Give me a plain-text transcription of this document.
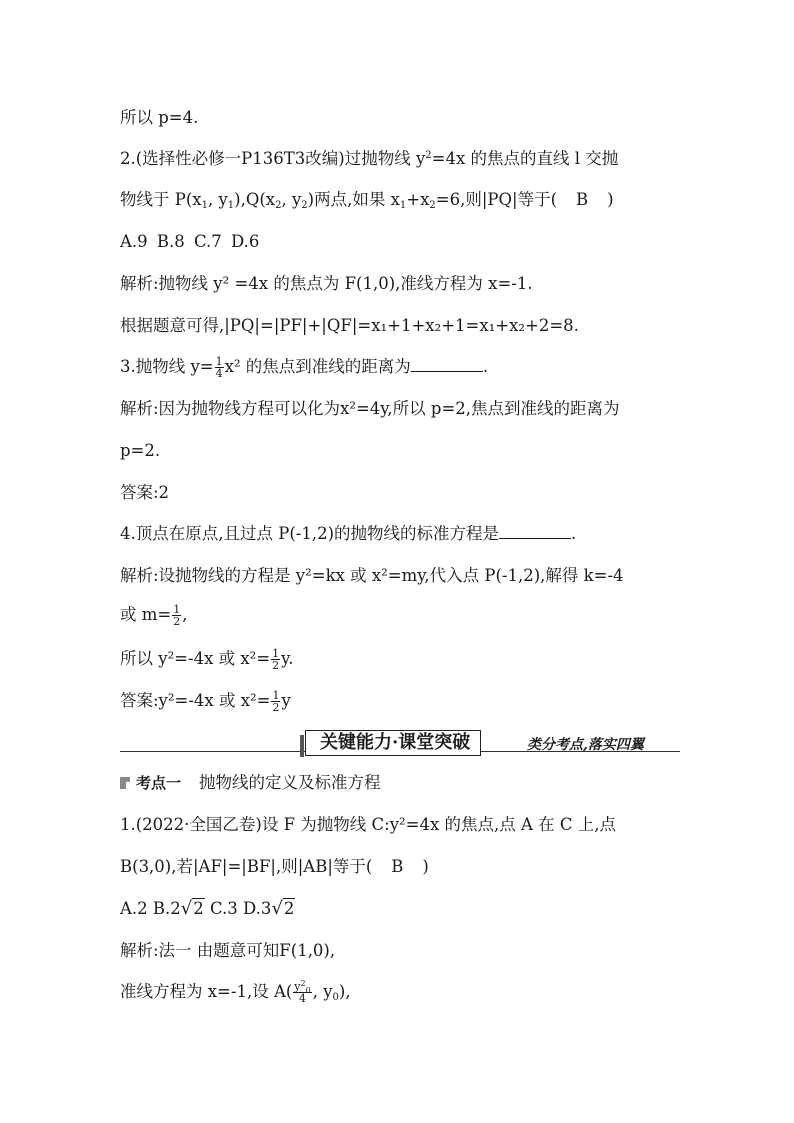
所以 p=4.
2.(选择性必修一P136T3改编)过抛物线 $y^2=4x$ 的焦点的直线 l 交抛
物线于 $P(x_1$, $y_1),Q(x_2$, $y_2$)两点,如果 $x_1+x_2=6$,则|PQ|等于( B )
A.9 B.8 C.7 D.6
解析:抛物线 y² =4x 的焦点为 F(1,0),准线方程为 x=-1.
根据题意可得,|PQ|=|PF|+|QF|=x₁+1+x₂+1=x₁+x₂+2=8.
3.抛物线 $y= \frac{1}{4} x^2$ 的焦点到准线的距离为	.
解析:因为抛物线方程可以化为x²=4y,所以 p=2,焦点到准线的距离为
p=2.
答案:2
4.顶点在原点,且过点 P(-1,2)的抛物线的标准方程是	.
解析:设抛物线的方程是 y²=kx 或 x²=my,代入点 P(-1,2),解得 k=-4
或 $m= \frac{1}{2}$ ,
所以 y²=-4x 或 $x^2= \frac{1}{2} y$.
答案:y²=-4x 或 $x^2= \frac{1}{2}$ y
关键能力·课堂突破	类分考点,落实四翼
考点一 抛物线的定义及标准方程
1.(2022·全国乙卷)设 F 为抛物线 C:y²=4x 的焦点,点 A 在 C 上,点
B(3,0),若|AF|=|BF|,则|AB|等于( B )
A.2 B.2√2 C.3 D.3√2
解析:法一 由题意可知F(1,0),
准线方程为 x=-1,设 $A( \frac{y^2_0}{4}$ , $y_0$),
